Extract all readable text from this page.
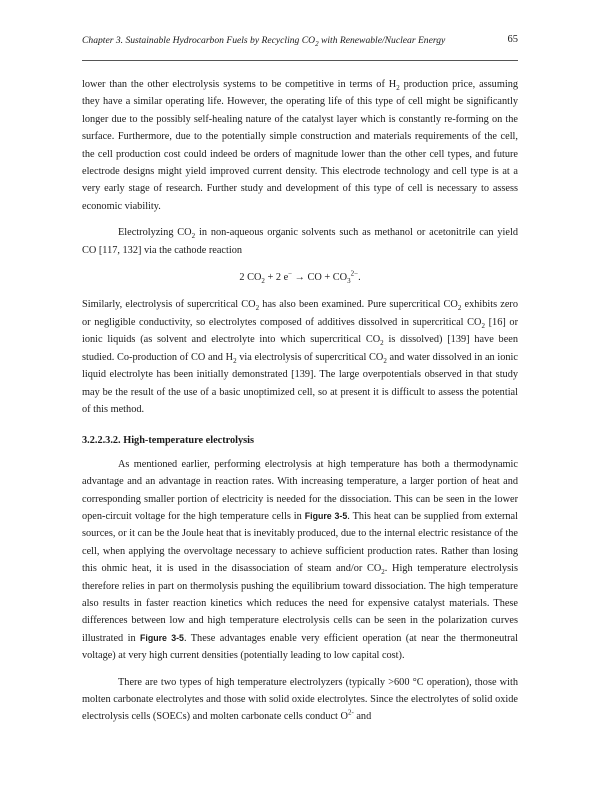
Chapter 3. Sustainable Hydrocarbon Fuels by Recycling $CO_2$ with Renewable/Nuclear Energy	65

lower than the other electrolysis systems to be competitive in terms of $H_2$ production price, assuming they have a similar operating life. However, the operating life of this type of cell might be significantly longer due to the possibly self-healing nature of the catalyst layer which is constantly re-forming on the surface. Furthermore, due to the potentially simple construction and materials requirements of the cell, the cell production cost could indeed be orders of magnitude lower than the other cell types, and future electrode designs might yield improved current density. This electrode technology and cell type is at a very early stage of research. Further study and development of this type of cell is necessary to assess economic viability.

Electrolyzing $CO_2$ in non-aqueous organic solvents such as methanol or acetonitrile can yield CO [117, 132] via the cathode reaction

2 $CO_2 + 2$ e− → CO + $CO_3^{2-}$.

Similarly, electrolysis of supercritical $CO_2$ has also been examined. Pure supercritical $CO_2$ exhibits zero or negligible conductivity, so electrolytes composed of additives dissolved in supercritical $CO_2$ [16] or ionic liquids (as solvent and electrolyte into which supercritical $CO_2$ is dissolved) [139] have been studied. Co-production of CO and $H_2$ via electrolysis of supercritical $CO_2$ and water dissolved in an ionic liquid electrolyte has been initially demonstrated [139]. The large overpotentials observed in that study may be the result of the use of a basic unoptimized cell, so at present it is difficult to assess the potential of this method.

3.2.2.3.2. High-temperature electrolysis

As mentioned earlier, performing electrolysis at high temperature has both a thermodynamic advantage and an advantage in reaction rates. With increasing temperature, a larger portion of heat and corresponding smaller portion of electricity is needed for the dissociation. This can be seen in the lower open-circuit voltage for the high temperature cells in Figure 3-5. This heat can be supplied from external sources, or it can be the Joule heat that is inevitably produced, due to the internal electric resistance of the cell, when applying the overvoltage necessary to achieve sufficient production rates. Rather than losing this ohmic heat, it is used in the disassociation of steam and/or $CO_2$. High temperature electrolysis therefore relies in part on thermolysis pushing the equilibrium toward dissociation. The high temperature also results in faster reaction kinetics which reduces the need for expensive catalyst materials. These differences between low and high temperature electrolysis cells can be seen in the polarization curves illustrated in Figure 3-5. These advantages enable very efficient operation (at near the thermoneutral voltage) at very high current densities (potentially leading to low capital cost).

There are two types of high temperature electrolyzers (typically >600 °C operation), those with molten carbonate electrolytes and those with solid oxide electrolytes. Since the electrolytes of solid oxide electrolysis cells (SOECs) and molten carbonate cells conduct $O^{2-}$ and
